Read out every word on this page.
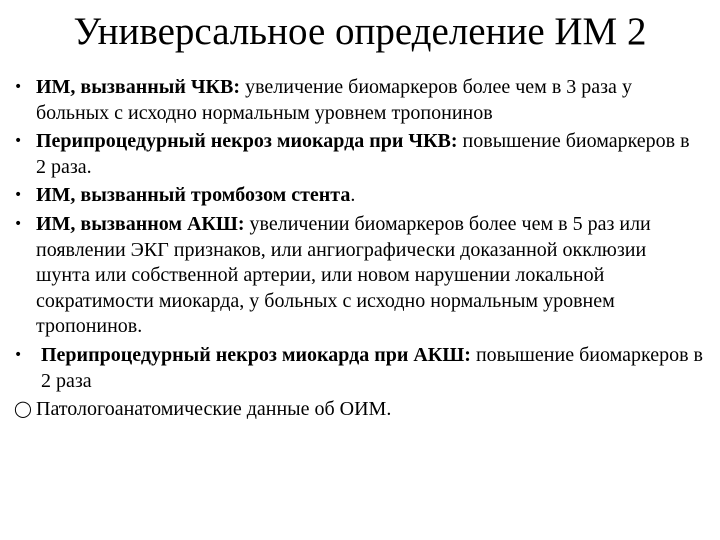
Универсальное определение ИМ 2
• ИМ, вызванный ЧКВ: увеличение биомаркеров более чем в 3 раза у больных с исходно нормальным уровнем тропонинов
• Перипроцедурный некроз миокарда при ЧКВ: повышение биомаркеров в 2 раза.
• ИМ, вызванный тромбозом стента.
• ИМ, вызванном АКШ: увеличении биомаркеров более чем в 5 раз или появлении ЭКГ признаков, или ангиографически доказанной окклюзии шунта или собственной артерии, или новом нарушении локальной сократимости миокарда, у больных с исходно нормальным уровнем тропонинов.
• Перипроцедурный некроз миокарда при АКШ: повышение биомаркеров в 2 раза
◯ Патологоанатомические данные об ОИМ.
